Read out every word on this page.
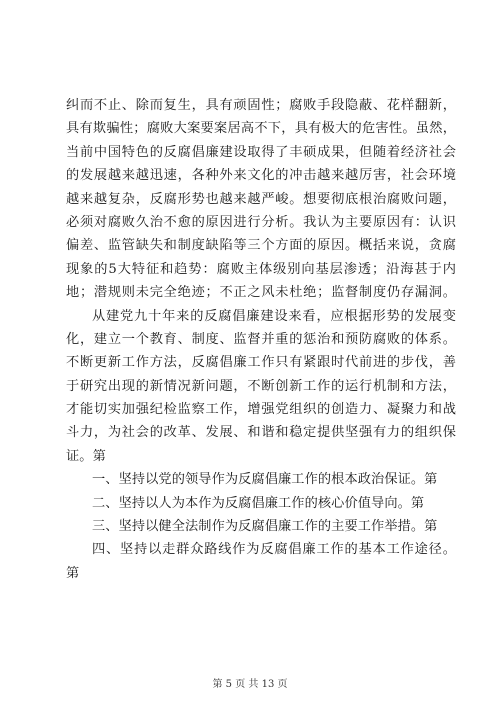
纠而不止、除而复生，具有顽固性；腐败手段隐蔽、花样翻新，
具有欺骗性；腐败大案要案居高不下，具有极大的危害性。虽然，
当前中国特色的反腐倡廉建设取得了丰硕成果，但随着经济社会
的发展越来越迅速，各种外来文化的冲击越来越厉害，社会环境
越来越复杂，反腐形势也越来越严峻。想要彻底根治腐败问题，
必须对腐败久治不愈的原因进行分析。我认为主要原因有：认识
偏差、监管缺失和制度缺陷等三个方面的原因。概括来说，贪腐
现象的5大特征和趋势：腐败主体级别向基层渗透；沿海甚于内
地；潜规则未完全绝迹；不正之风未杜绝；监督制度仍存漏洞。
从建党九十年来的反腐倡廉建设来看，应根据形势的发展变
化，建立一个教育、制度、监督并重的惩治和预防腐败的体系。
不断更新工作方法，反腐倡廉工作只有紧跟时代前进的步伐，善
于研究出现的新情况新问题，不断创新工作的运行机制和方法，
才能切实加强纪检监察工作，增强党组织的创造力、凝聚力和战
斗力，为社会的改革、发展、和谐和稳定提供坚强有力的组织保
证。第
一、坚持以党的领导作为反腐倡廉工作的根本政治保证。第
二、坚持以人为本作为反腐倡廉工作的核心价值导向。第
三、坚持以健全法制作为反腐倡廉工作的主要工作举措。第
四、坚持以走群众路线作为反腐倡廉工作的基本工作途径。
第
第 5 页 共 13 页
